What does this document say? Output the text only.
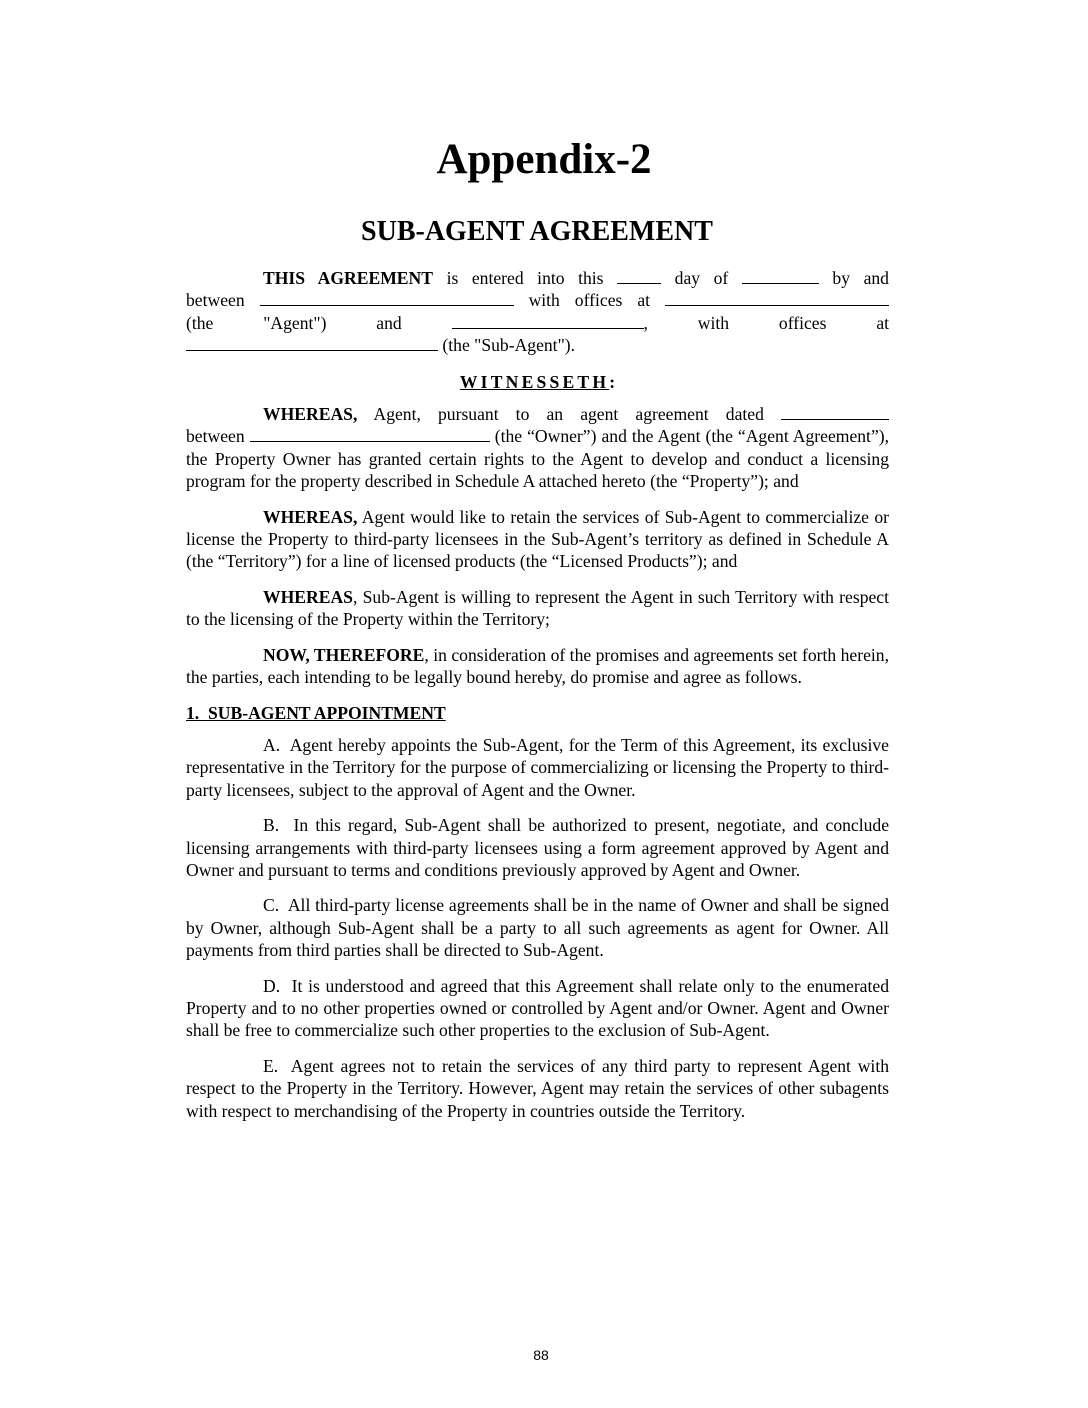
Appendix-2
SUB-AGENT AGREEMENT
THIS AGREEMENT is entered into this	day of	by and
between	with offices at
(the	"Agent")	and	,	with	offices	at
(the "Sub-Agent").
WITNESSETH:
WHEREAS, Agent, pursuant to an agent agreement dated
between	(the “Owner”) and the Agent (the “Agent Agreement”), the Property Owner has granted certain rights to the Agent to develop and conduct a licensing program for the property described in Schedule A attached hereto (the “Property”); and
WHEREAS, Agent would like to retain the services of Sub-Agent to commercialize or license the Property to third-party licensees in the Sub-Agent’s territory as defined in Schedule A (the “Territory”) for a line of licensed products (the “Licensed Products”); and
WHEREAS, Sub-Agent is willing to represent the Agent in such Territory with respect to the licensing of the Property within the Territory;
NOW, THEREFORE, in consideration of the promises and agreements set forth herein, the parties, each intending to be legally bound hereby, do promise and agree as follows.
1.  SUB-AGENT APPOINTMENT
A. Agent hereby appoints the Sub-Agent, for the Term of this Agreement, its exclusive representative in the Territory for the purpose of commercializing or licensing the Property to third-party licensees, subject to the approval of Agent and the Owner.
B. In this regard, Sub-Agent shall be authorized to present, negotiate, and conclude licensing arrangements with third-party licensees using a form agreement approved by Agent and Owner and pursuant to terms and conditions previously approved by Agent and Owner.
C. All third-party license agreements shall be in the name of Owner and shall be signed by Owner, although Sub-Agent shall be a party to all such agreements as agent for Owner. All payments from third parties shall be directed to Sub-Agent.
D. It is understood and agreed that this Agreement shall relate only to the enumerated Property and to no other properties owned or controlled by Agent and/or Owner. Agent and Owner shall be free to commercialize such other properties to the exclusion of Sub-Agent.
E. Agent agrees not to retain the services of any third party to represent Agent with respect to the Property in the Territory. However, Agent may retain the services of other subagents with respect to merchandising of the Property in countries outside the Territory.
88
